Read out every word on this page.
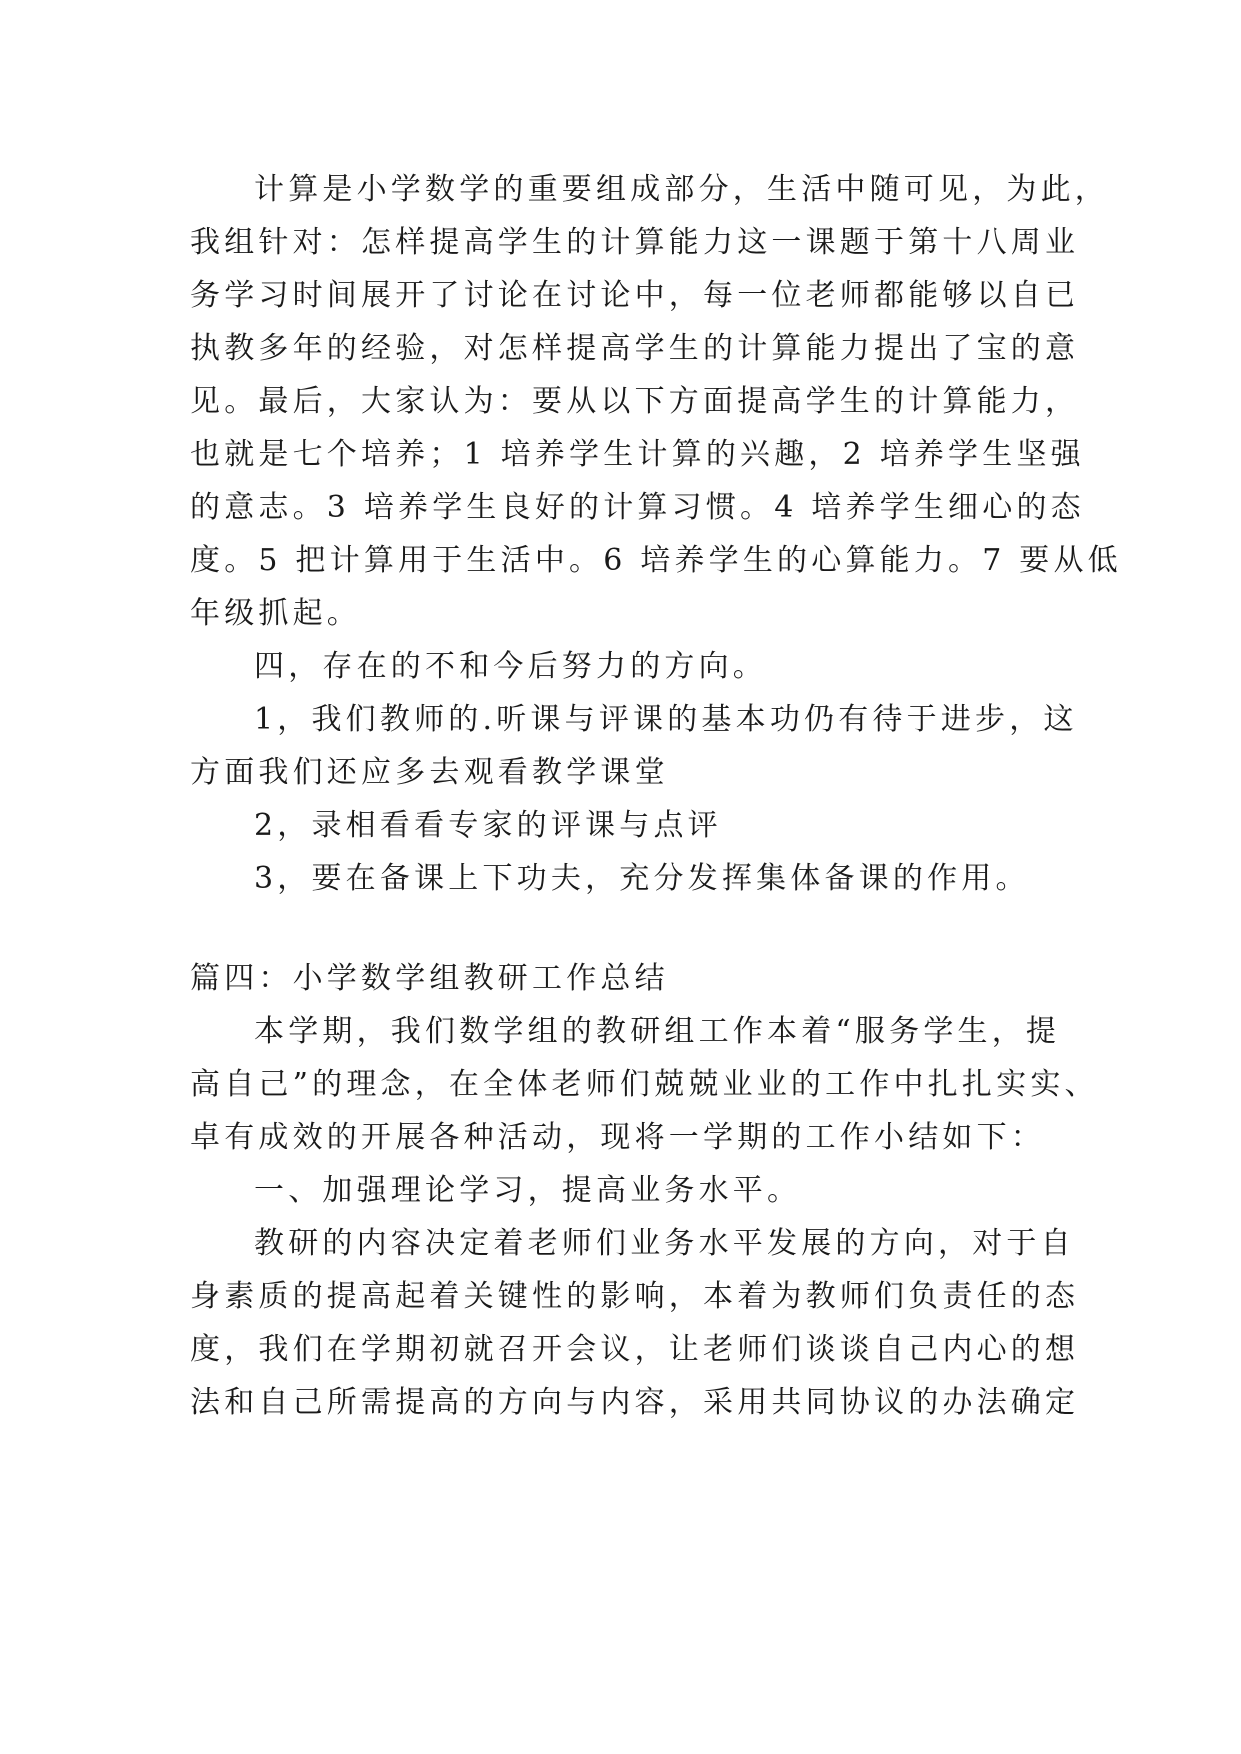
计算是小学数学的重要组成部分，生活中随可见，为此，
我组针对：怎样提高学生的计算能力这一课题于第十八周业
务学习时间展开了讨论在讨论中，每一位老师都能够以自已
执教多年的经验，对怎样提高学生的计算能力提出了宝的意
见。最后，大家认为：要从以下方面提高学生的计算能力，
也就是七个培养；1 培养学生计算的兴趣，2 培养学生坚强
的意志。3 培养学生良好的计算习惯。4 培养学生细心的态
度。5 把计算用于生活中。6 培养学生的心算能力。7 要从低
年级抓起。
四，存在的不和今后努力的方向。
1，我们教师的.听课与评课的基本功仍有待于进步，这
方面我们还应多去观看教学课堂
2，录相看看专家的评课与点评
3，要在备课上下功夫，充分发挥集体备课的作用。
篇四：小学数学组教研工作总结
本学期，我们数学组的教研组工作本着“服务学生，提
高自己”的理念，在全体老师们兢兢业业的工作中扎扎实实、
卓有成效的开展各种活动，现将一学期的工作小结如下：
一、加强理论学习，提高业务水平。
教研的内容决定着老师们业务水平发展的方向，对于自
身素质的提高起着关键性的影响，本着为教师们负责任的态
度，我们在学期初就召开会议，让老师们谈谈自己内心的想
法和自己所需提高的方向与内容，采用共同协议的办法确定
